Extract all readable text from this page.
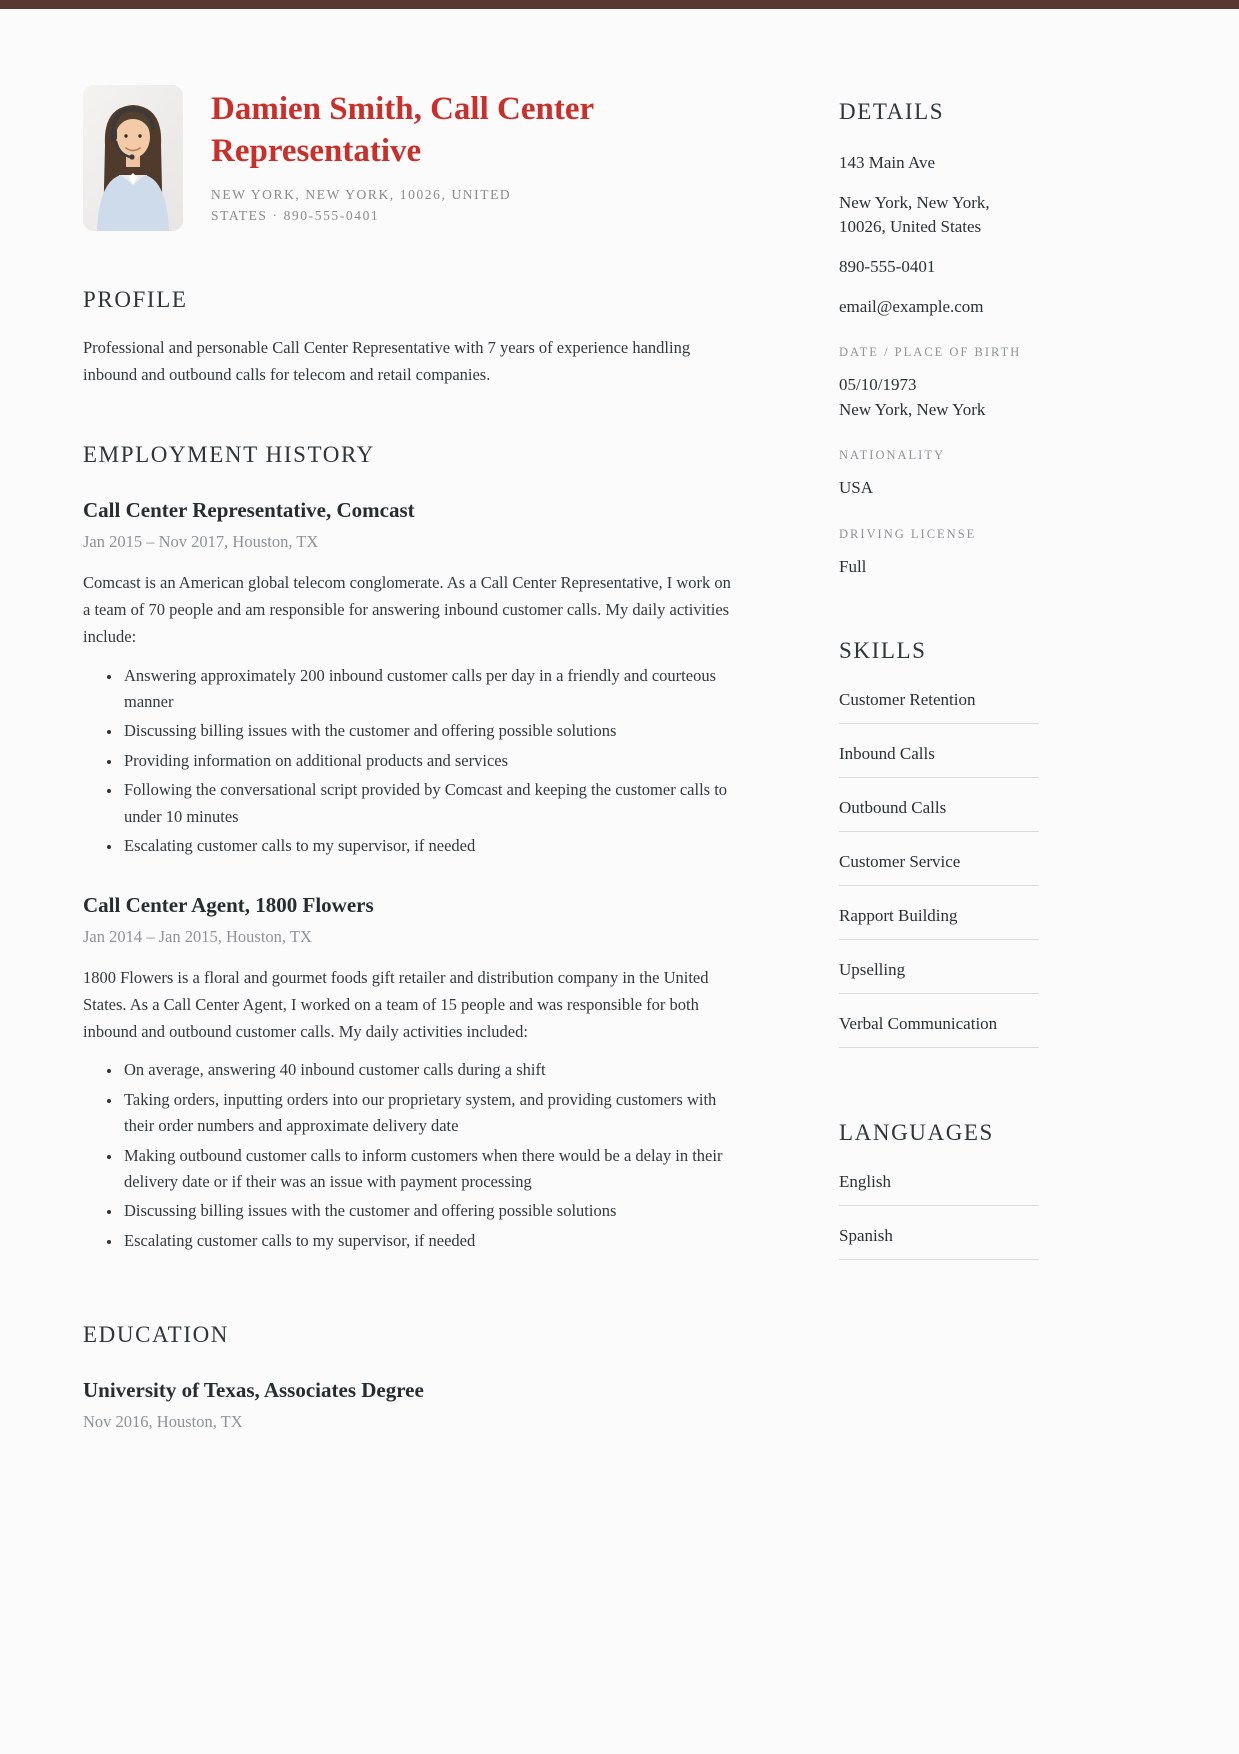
Damien Smith, Call Center Representative
NEW YORK, NEW YORK, 10026, UNITED STATES · 890-555-0401
PROFILE

Professional and personable Call Center Representative with 7 years of experience handling inbound and outbound calls for telecom and retail companies.

EMPLOYMENT HISTORY
Call Center Representative, Comcast
Jan 2015 – Nov 2017, Houston, TX

Comcast is an American global telecom conglomerate. As a Call Center Representative, I work on a team of 70 people and am responsible for answering inbound customer calls. My daily activities include:

• Answering approximately 200 inbound customer calls per day in a friendly and courteous manner
• Discussing billing issues with the customer and offering possible solutions
• Providing information on additional products and services
• Following the conversational script provided by Comcast and keeping the customer calls to under 10 minutes
• Escalating customer calls to my supervisor, if needed
Call Center Agent, 1800 Flowers
Jan 2014 – Jan 2015, Houston, TX

1800 Flowers is a floral and gourmet foods gift retailer and distribution company in the United States. As a Call Center Agent, I worked on a team of 15 people and was responsible for both inbound and outbound customer calls. My daily activities included:

• On average, answering 40 inbound customer calls during a shift
• Taking orders, inputting orders into our proprietary system, and providing customers with their order numbers and approximate delivery date
• Making outbound customer calls to inform customers when there would be a delay in their delivery date or if their was an issue with payment processing
• Discussing billing issues with the customer and offering possible solutions
• Escalating customer calls to my supervisor, if needed
EDUCATION
University of Texas, Associates Degree
Nov 2016, Houston, TX
DETAILS
143 Main Ave
New York, New York, 10026, United States
890-555-0401
email@example.com
DATE / PLACE OF BIRTH
05/10/1973
New York, New York
NATIONALITY
USA
DRIVING LICENSE
Full
SKILLS
Customer Retention
Inbound Calls
Outbound Calls
Customer Service
Rapport Building
Upselling
Verbal Communication
LANGUAGES
English
Spanish
